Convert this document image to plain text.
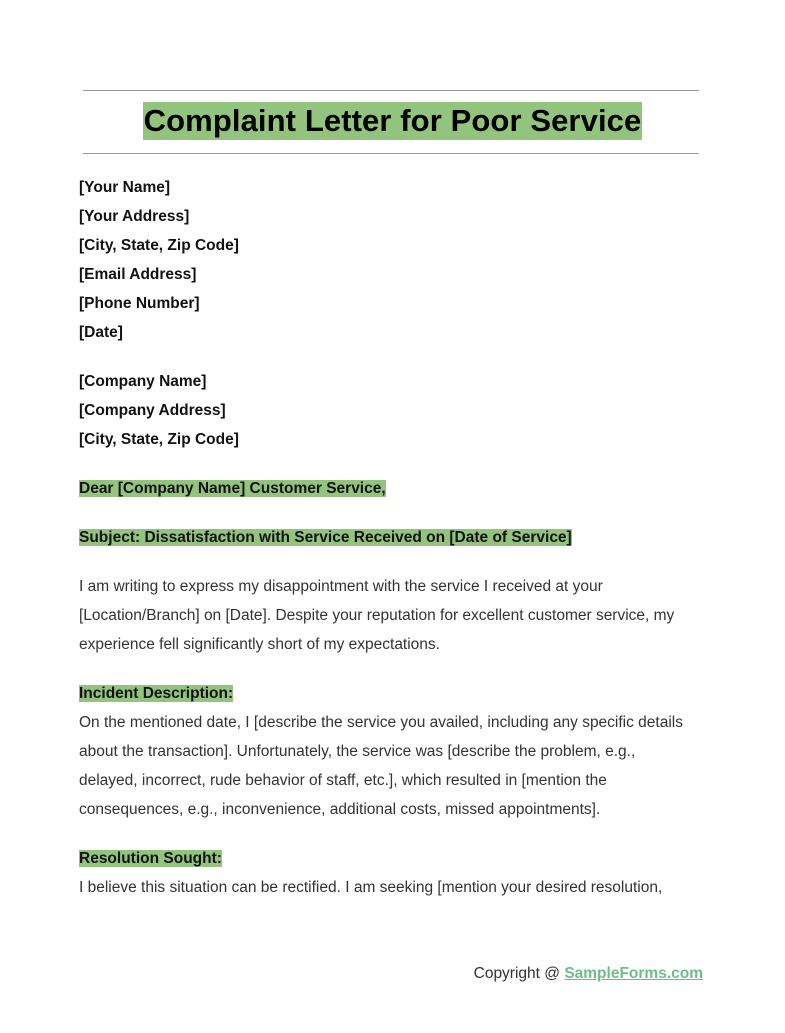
Complaint Letter for Poor Service

[Your Name]

[Your Address]

[City, State, Zip Code]

[Email Address]

[Phone Number]

[Date]

[Company Name]

[Company Address]

[City, State, Zip Code]

Dear [Company Name] Customer Service,

Subject: Dissatisfaction with Service Received on [Date of Service]

I am writing to express my disappointment with the service I received at your

[Location/Branch] on [Date]. Despite your reputation for excellent customer service, my

experience fell significantly short of my expectations.

Incident Description:

On the mentioned date, I [describe the service you availed, including any specific details

about the transaction]. Unfortunately, the service was [describe the problem, e.g.,

delayed, incorrect, rude behavior of staff, etc.], which resulted in [mention the

consequences, e.g., inconvenience, additional costs, missed appointments].

Resolution Sought:

I believe this situation can be rectified. I am seeking [mention your desired resolution,

Copyright @ SampleForms.com
